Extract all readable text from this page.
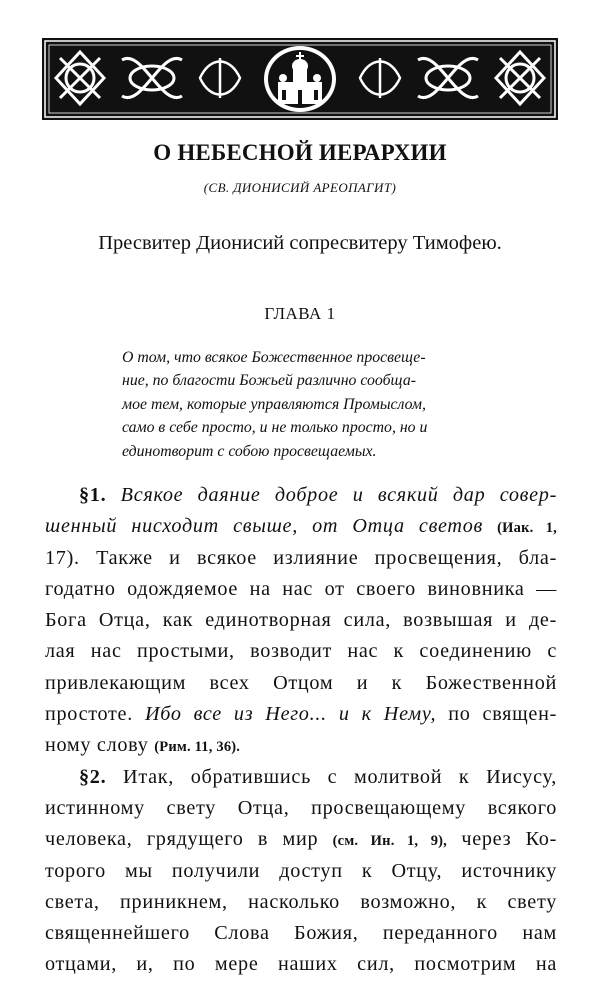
О НЕБЕСНОЙ ИЕРАРХИИ
(СВ. ДИОНИСИЙ АРЕОПАГИТ)
Пресвитер Дионисий сопресвитеру Тимофею.
ГЛАВА 1
О том, что всякое Божественное просвеще-
ние, по благости Божьей различно сообща-
мое тем, которые управляются Промыслом,
само в себе просто, и не только просто, но и
единотворит с собою просвещаемых.
§1. Всякое даяние доброе и всякий дар совер-
шенный нисходит свыше, от Отца светов (Иак. 1,
17). Также и всякое излияние просвещения, бла-
годатно одождяемое на нас от своего виновника —
Бога Отца, как единотворная сила, возвышая и де-
лая нас простыми, возводит нас к соединению с
привлекающим всех Отцом и к Божественной
простоте. Ибо все из Него... и к Нему, по священ-
ному слову (Рим. 11, 36).
§2. Итак, обратившись с молитвой к Иисусу,
истинному свету Отца, просвещающему всякого
человека, грядущего в мир (см. Ин. 1, 9), через Ко-
торого мы получили доступ к Отцу, источнику
света, приникнем, насколько возможно, к свету
священнейшего Слова Божия, переданного нам
отцами, и, по мере наших сил, посмотрим на
